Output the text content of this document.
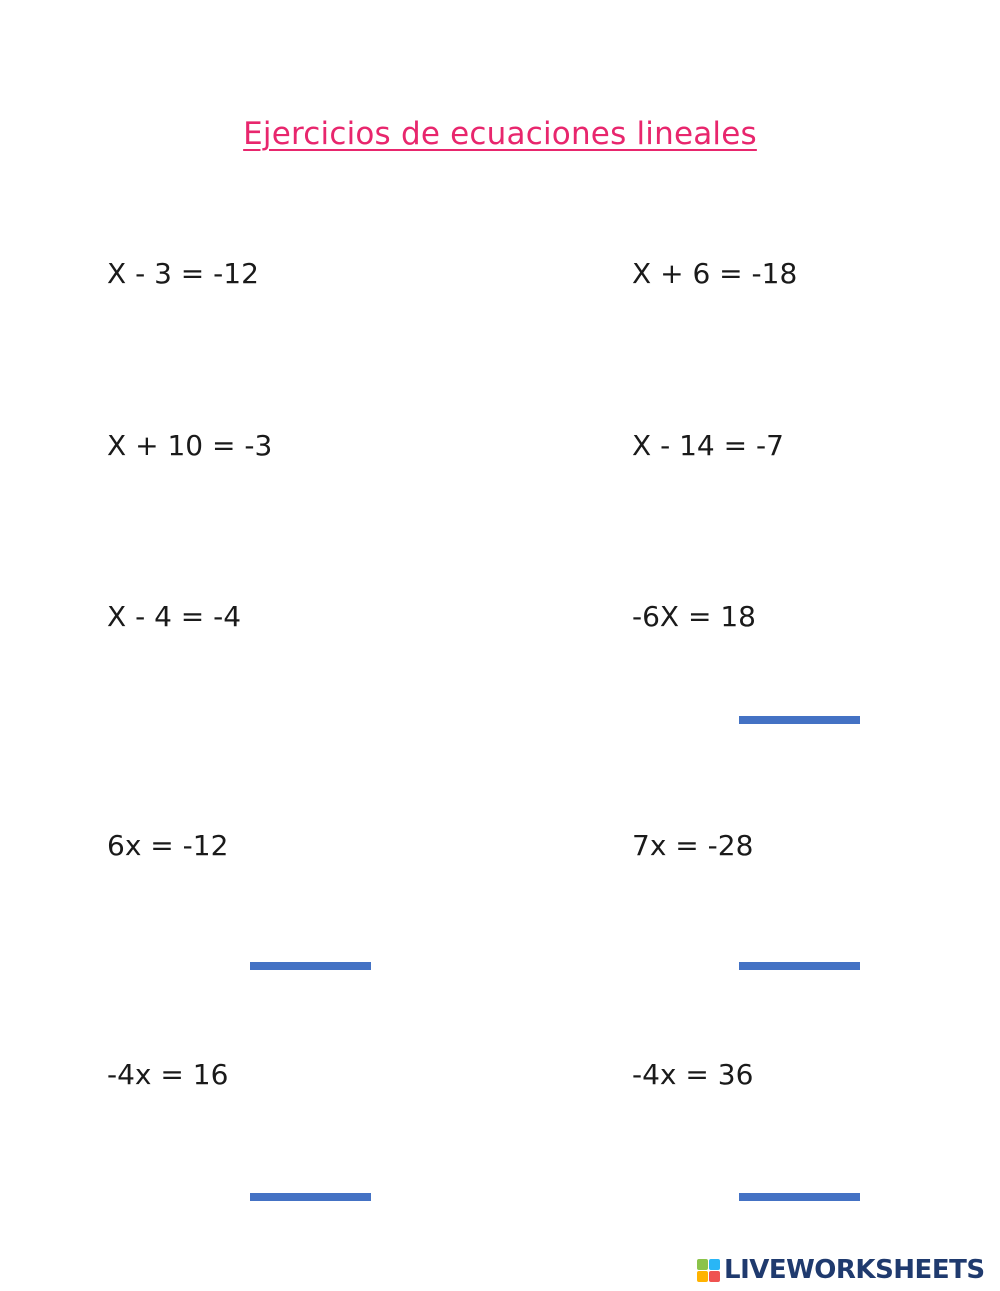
Ejercicios de ecuaciones lineales
X - 3 = -12
X + 10 = -3
X - 4 = -4
6x = -12
-4x = 16
X + 6 = -18
X - 14 = -7
-6X = 18
7x = -28
-4x = 36
LIVEWORKSHEETS
